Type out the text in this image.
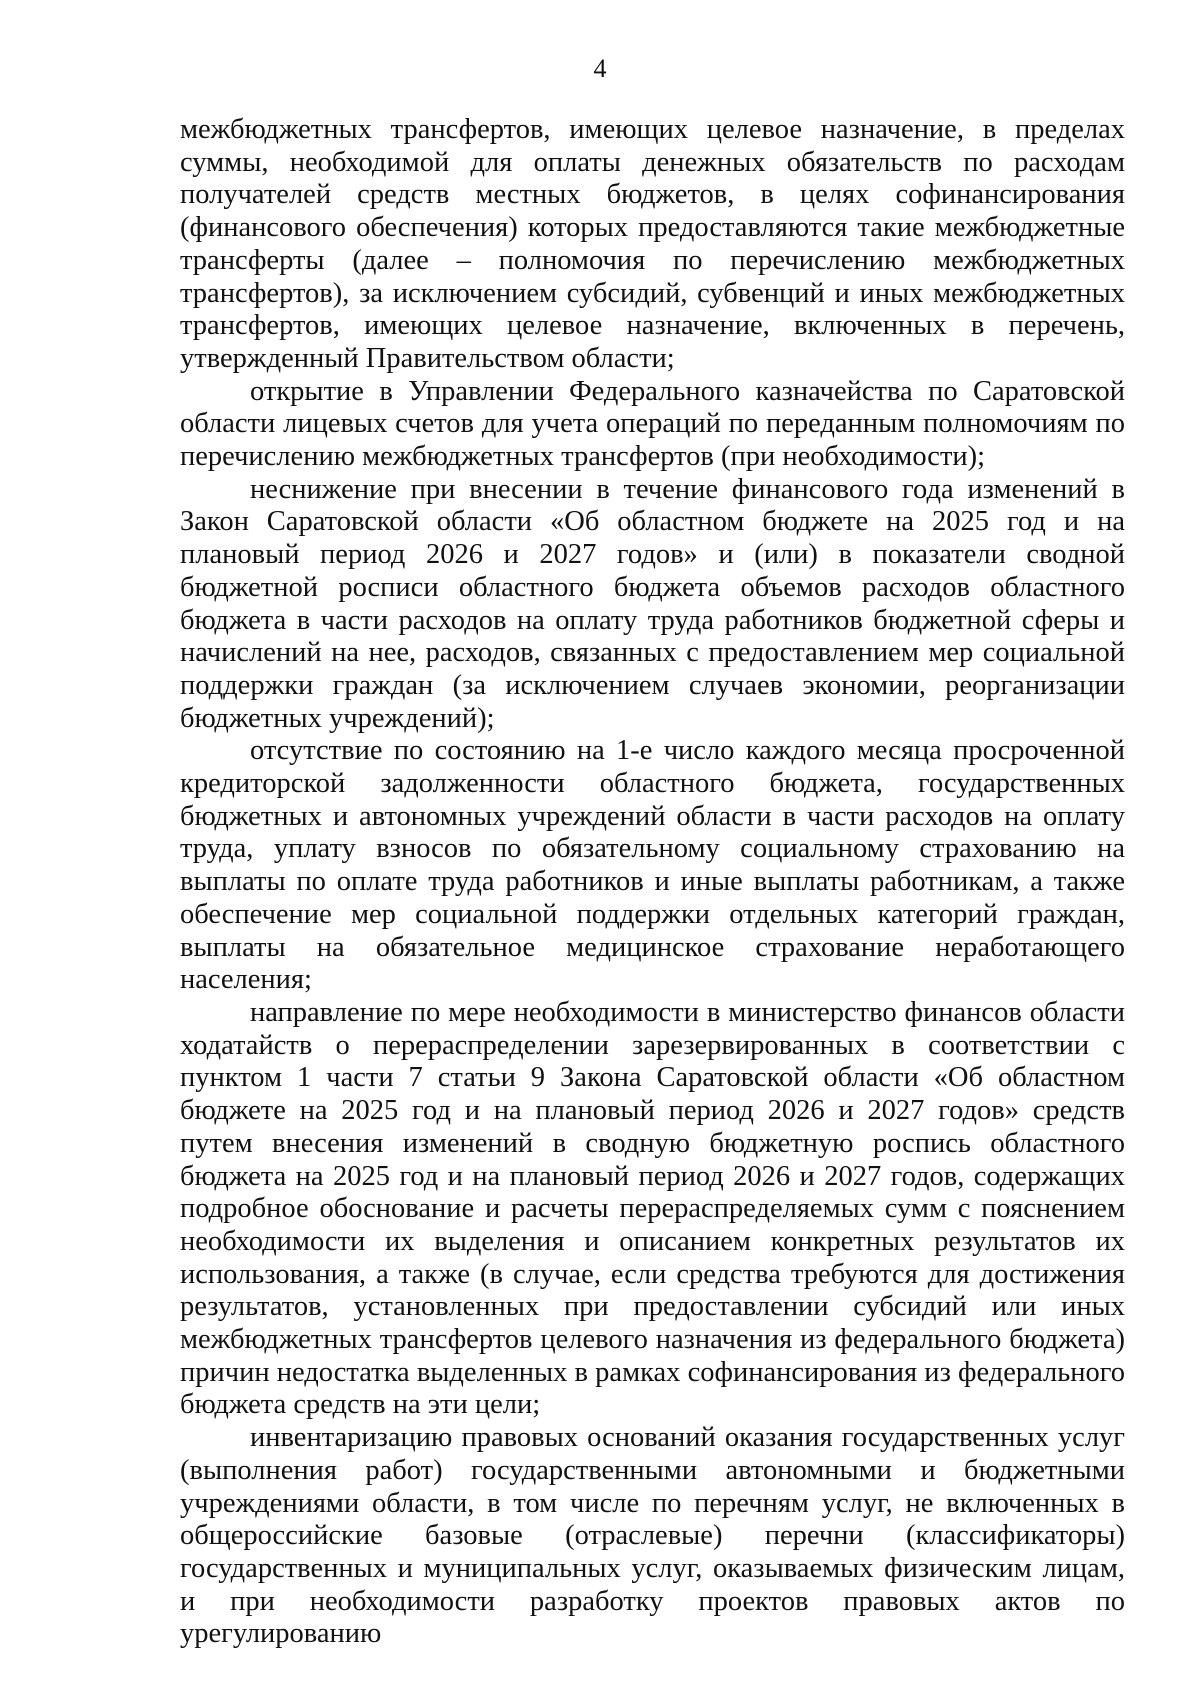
4

межбюджетных трансфертов, имеющих целевое назначение, в пределах суммы, необходимой для оплаты денежных обязательств по расходам получателей средств местных бюджетов, в целях софинансирования (финансового обеспечения) которых предоставляются такие межбюджетные трансферты (далее – полномочия по перечислению межбюджетных трансфертов), за исключением субсидий, субвенций и иных межбюджетных трансфертов, имеющих целевое назначение, включенных в перечень, утвержденный Правительством области;

открытие в Управлении Федерального казначейства по Саратовской области лицевых счетов для учета операций по переданным полномочиям по перечислению межбюджетных трансфертов (при необходимости);

неснижение при внесении в течение финансового года изменений в Закон Саратовской области «Об областном бюджете на 2025 год и на плановый период 2026 и 2027 годов» и (или) в показатели сводной бюджетной росписи областного бюджета объемов расходов областного бюджета в части расходов на оплату труда работников бюджетной сферы и начислений на нее, расходов, связанных с предоставлением мер социальной поддержки граждан (за исключением случаев экономии, реорганизации бюджетных учреждений);

отсутствие по состоянию на 1-е число каждого месяца просроченной кредиторской задолженности областного бюджета, государственных бюджетных и автономных учреждений области в части расходов на оплату труда, уплату взносов по обязательному социальному страхованию на выплаты по оплате труда работников и иные выплаты работникам, а также обеспечение мер социальной поддержки отдельных категорий граждан, выплаты на обязательное медицинское страхование неработающего населения;

направление по мере необходимости в министерство финансов области ходатайств о перераспределении зарезервированных в соответствии с пунктом 1 части 7 статьи 9 Закона Саратовской области «Об областном бюджете на 2025 год и на плановый период 2026 и 2027 годов» средств путем внесения изменений в сводную бюджетную роспись областного бюджета на 2025 год и на плановый период 2026 и 2027 годов, содержащих подробное обоснование и расчеты перераспределяемых сумм с пояснением необходимости их выделения и описанием конкретных результатов их использования, а также (в случае, если средства требуются для достижения результатов, установленных при предоставлении субсидий или иных межбюджетных трансфертов целевого назначения из федерального бюджета) причин недостатка выделенных в рамках софинансирования из федерального бюджета средств на эти цели;

инвентаризацию правовых оснований оказания государственных услуг (выполнения работ) государственными автономными и бюджетными учреждениями области, в том числе по перечням услуг, не включенных в общероссийские базовые (отраслевые) перечни (классификаторы) государственных и муниципальных услуг, оказываемых физическим лицам, и при необходимости разработку проектов правовых актов по урегулированию
